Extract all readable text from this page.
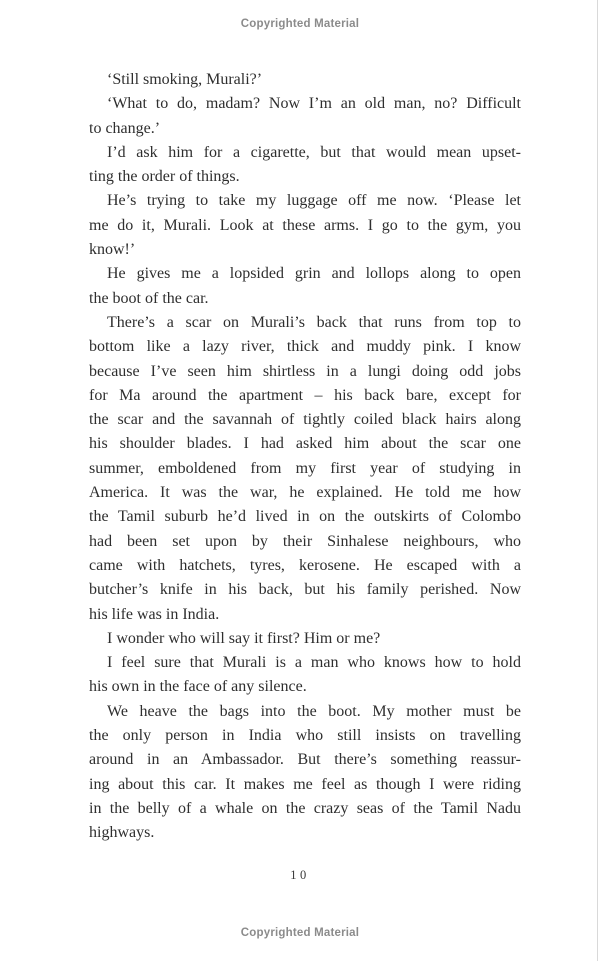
Copyrighted Material
‘Still smoking, Murali?’
‘What to do, madam? Now I’m an old man, no? Difficult
to change.’
I’d ask him for a cigarette, but that would mean upset-
ting the order of things.
He’s trying to take my luggage off me now. ‘Please let
me do it, Murali. Look at these arms. I go to the gym, you
know!’
He gives me a lopsided grin and lollops along to open
the boot of the car.
There’s a scar on Murali’s back that runs from top to
bottom like a lazy river, thick and muddy pink. I know
because I’ve seen him shirtless in a lungi doing odd jobs
for Ma around the apartment – his back bare, except for
the scar and the savannah of tightly coiled black hairs along
his shoulder blades. I had asked him about the scar one
summer, emboldened from my first year of studying in
America. It was the war, he explained. He told me how
the Tamil suburb he’d lived in on the outskirts of Colombo
had been set upon by their Sinhalese neighbours, who
came with hatchets, tyres, kerosene. He escaped with a
butcher’s knife in his back, but his family perished. Now
his life was in India.
I wonder who will say it first? Him or me?
I feel sure that Murali is a man who knows how to hold
his own in the face of any silence.
We heave the bags into the boot. My mother must be
the only person in India who still insists on travelling
around in an Ambassador. But there’s something reassur-
ing about this car. It makes me feel as though I were riding
in the belly of a whale on the crazy seas of the Tamil Nadu
highways.
10
Copyrighted Material
